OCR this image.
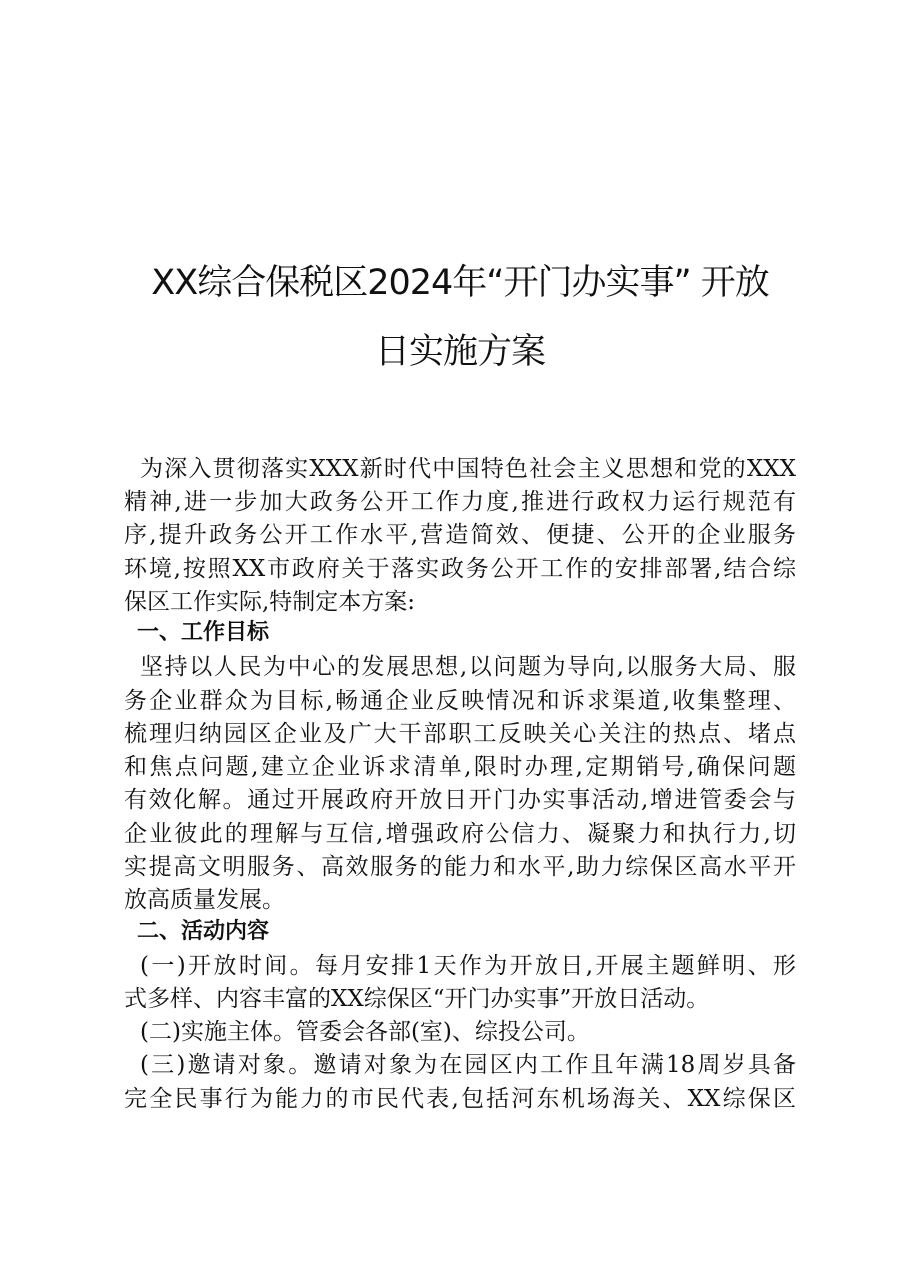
XX综合保税区2024年“开门办实事” 开放
日实施方案
为深入贯彻落实XXX新时代中国特色社会主义思想和党的XXX
精神,进一步加大政务公开工作力度,推进行政权力运行规范有
序,提升政务公开工作水平,营造简效、便捷、公开的企业服务
环境,按照XX市政府关于落实政务公开工作的安排部署,结合综
保区工作实际,特制定本方案:
一、工作目标
坚持以人民为中心的发展思想,以问题为导向,以服务大局、服
务企业群众为目标,畅通企业反映情况和诉求渠道,收集整理、
梳理归纳园区企业及广大干部职工反映关心关注的热点、堵点
和焦点问题,建立企业诉求清单,限时办理,定期销号,确保问题
有效化解。通过开展政府开放日开门办实事活动,增进管委会与
企业彼此的理解与互信,增强政府公信力、凝聚力和执行力,切
实提高文明服务、高效服务的能力和水平,助力综保区高水平开
放高质量发展。
二、活动内容
(一)开放时间。每月安排1天作为开放日,开展主题鲜明、形
式多样、内容丰富的XX综保区“开门办实事”开放日活动。
(二)实施主体。管委会各部(室)、综投公司。
(三)邀请对象。邀请对象为在园区内工作且年满18周岁具备
完全民事行为能力的市民代表,包括河东机场海关、XX综保区
